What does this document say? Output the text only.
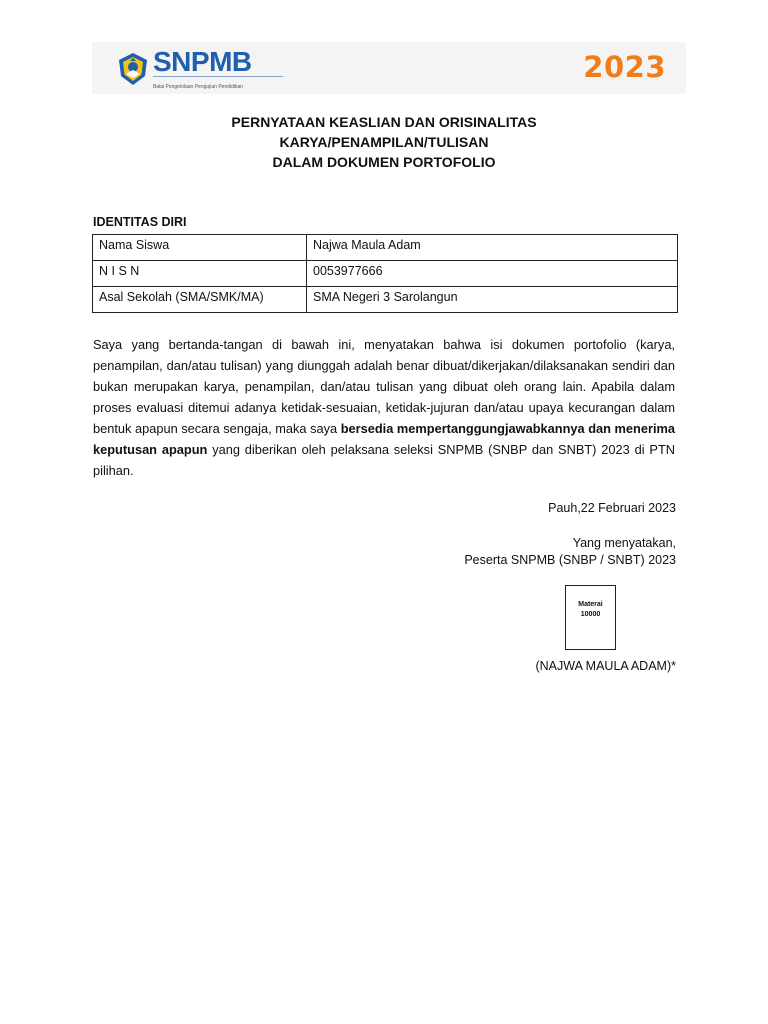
SNPMB
Balai Pengelolaan Pengujian Pendidikan
2023
PERNYATAAN KEASLIAN DAN ORISINALITAS
KARYA/PENAMPILAN/TULISAN
DALAM DOKUMEN PORTOFOLIO
IDENTITAS DIRI
Nama Siswa	Najwa Maula Adam
N I S N	0053977666
Asal Sekolah (SMA/SMK/MA)	SMA Negeri 3 Sarolangun
Saya yang bertanda-tangan di bawah ini, menyatakan bahwa isi dokumen portofolio (karya, penampilan, dan/atau tulisan) yang diunggah adalah benar dibuat/dikerjakan/dilaksanakan sendiri dan bukan merupakan karya, penampilan, dan/atau tulisan yang dibuat oleh orang lain. Apabila dalam proses evaluasi ditemui adanya ketidak-sesuaian, ketidak-jujuran dan/atau upaya kecurangan dalam bentuk apapun secara sengaja, maka saya bersedia mempertanggungjawabkannya dan menerima keputusan apapun yang diberikan oleh pelaksana seleksi SNPMB (SNBP dan SNBT) 2023 di PTN pilihan.
Pauh,22 Februari 2023
Yang menyatakan,
Peserta SNPMB (SNBP / SNBT) 2023
Materai
10000
(NAJWA MAULA ADAM)*
